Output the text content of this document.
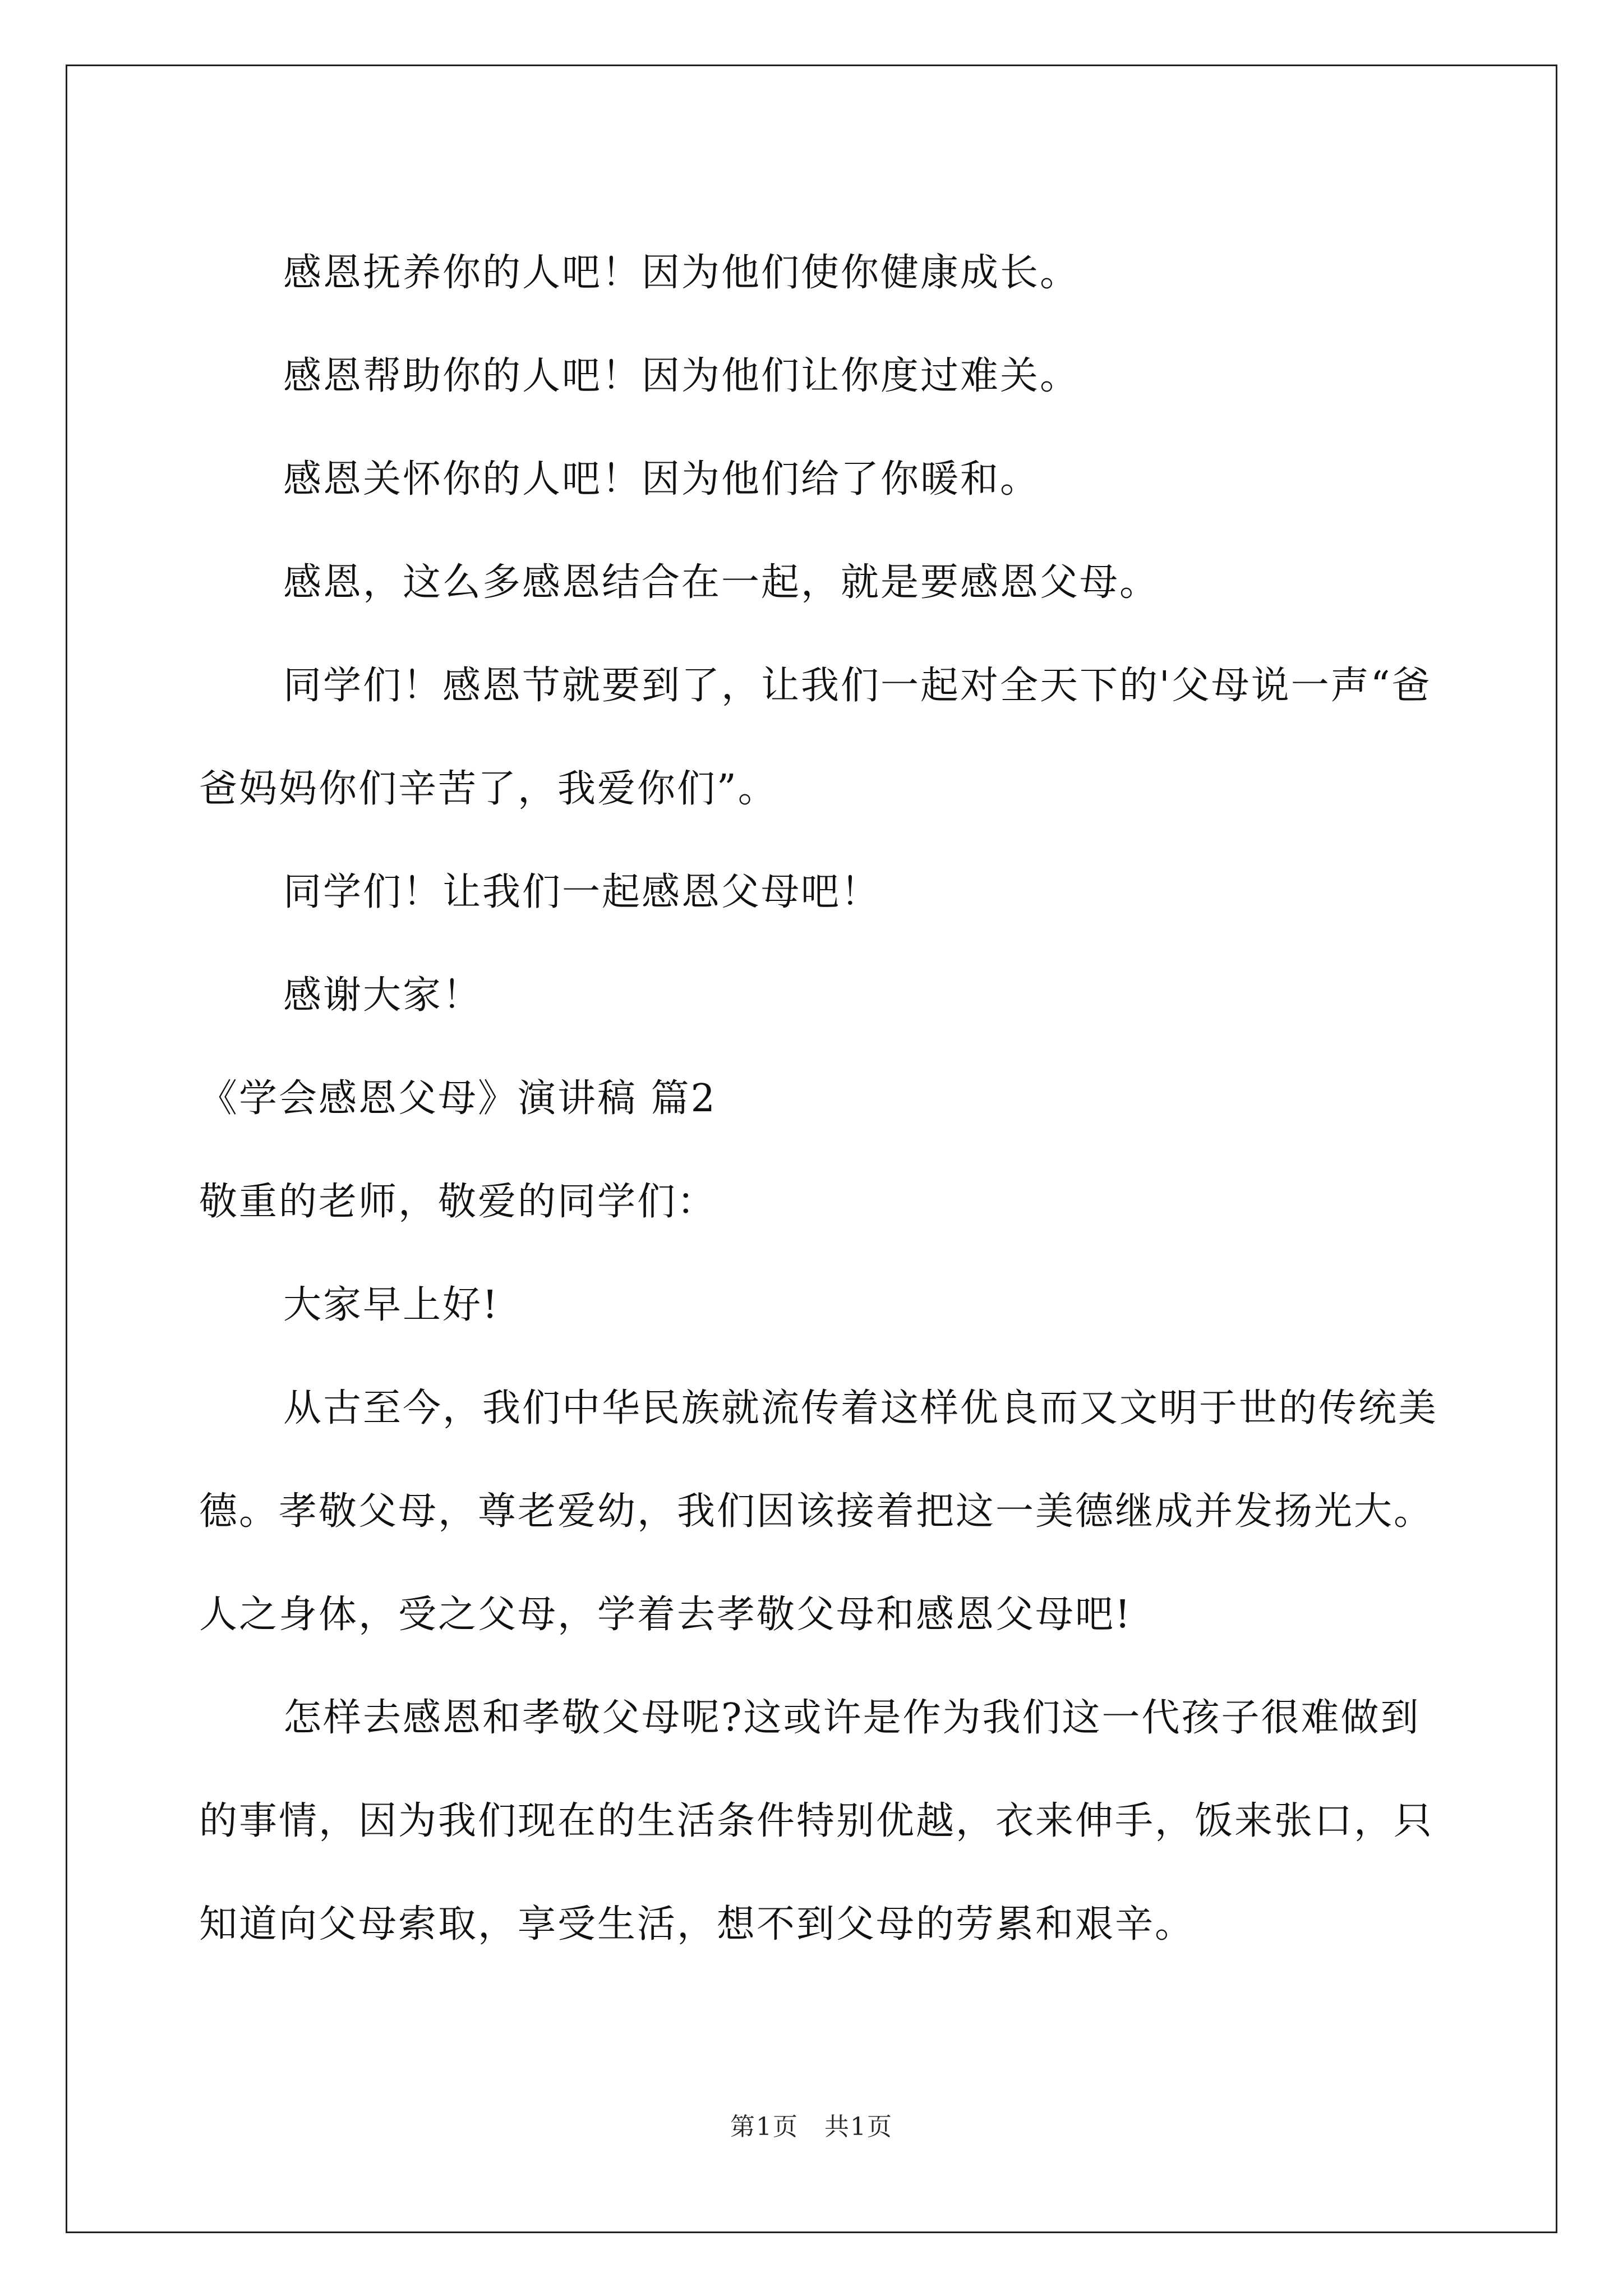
感恩抚养你的人吧！因为他们使你健康成长。

感恩帮助你的人吧！因为他们让你度过难关。

感恩关怀你的人吧！因为他们给了你暖和。

感恩，这么多感恩结合在一起，就是要感恩父母。

同学们！感恩节就要到了，让我们一起对全天下的'父母说一声“爸爸妈妈你们辛苦了，我爱你们”。

同学们！让我们一起感恩父母吧！

感谢大家！

《学会感恩父母》演讲稿 篇2

敬重的老师，敬爱的同学们：

大家早上好!

从古至今，我们中华民族就流传着这样优良而又文明于世的传统美德。孝敬父母，尊老爱幼，我们因该接着把这一美德继成并发扬光大。人之身体，受之父母，学着去孝敬父母和感恩父母吧!

怎样去感恩和孝敬父母呢?这或许是作为我们这一代孩子很难做到的事情，因为我们现在的生活条件特别优越，衣来伸手，饭来张口，只知道向父母索取，享受生活，想不到父母的劳累和艰辛。

第1页　共1页
